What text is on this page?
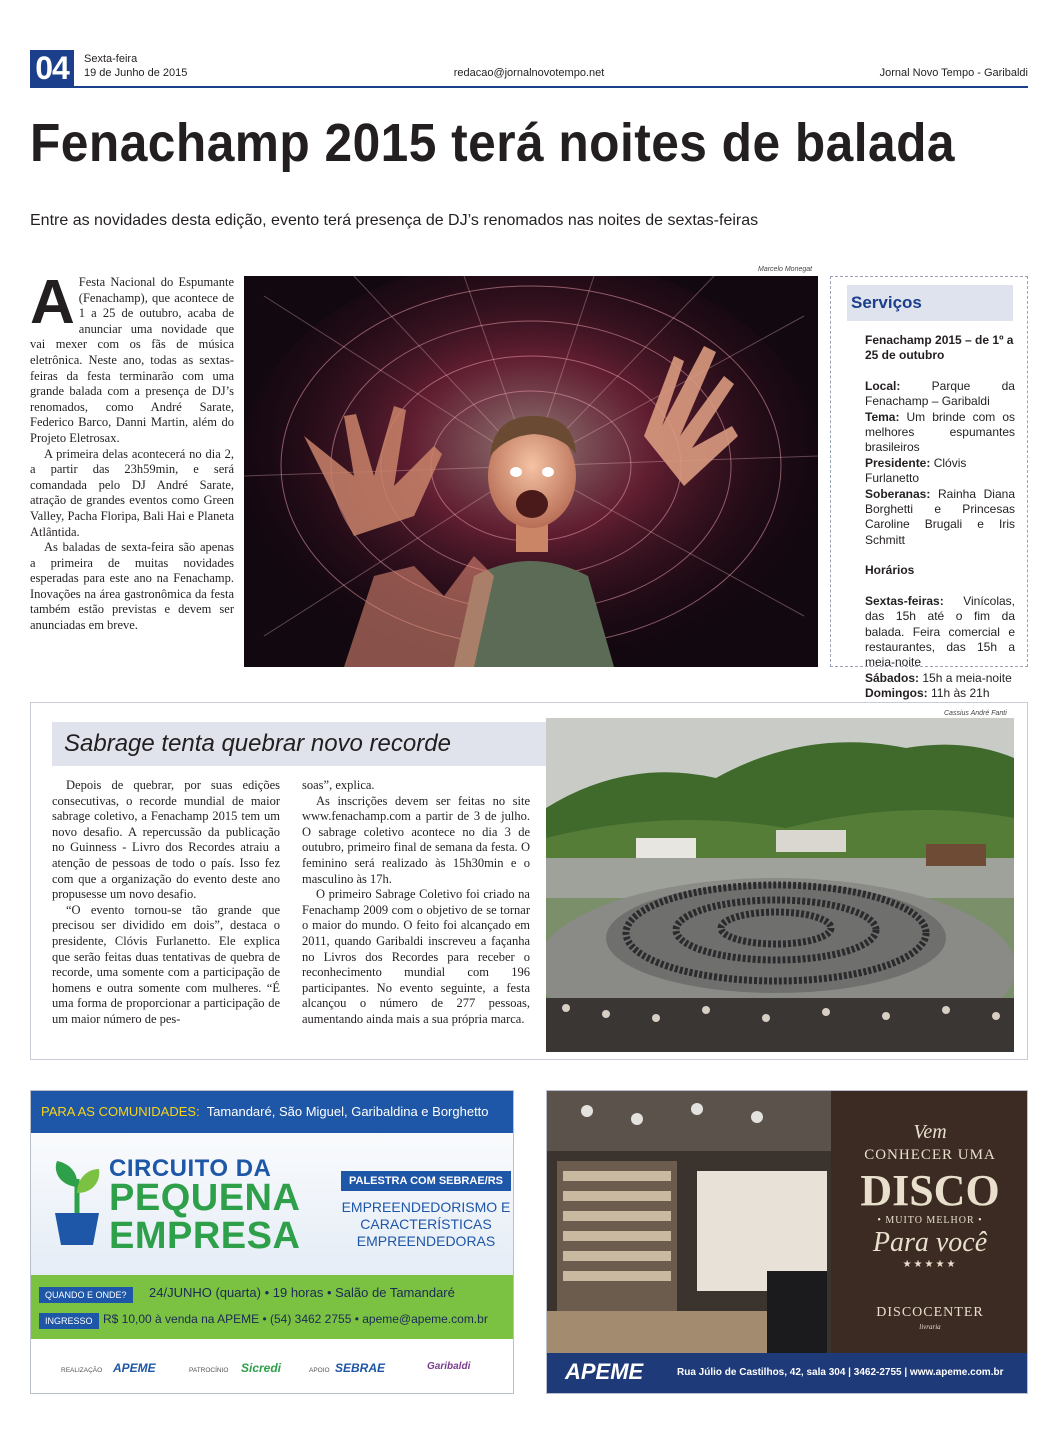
04	Sexta-feira
19 de Junho de 2015	redacao@jornalnovotempo.net	Jornal Novo Tempo - Garibaldi
Fenachamp 2015 terá noites de balada
Entre as novidades desta edição, evento terá presença de DJ’s renomados nas noites de sextas-feiras

A Festa Nacional do Espumante (Fenachamp), que acontece de 1 a 25 de outubro, acaba de anunciar uma novidade que vai mexer com os fãs de música eletrônica. Neste ano, todas as sextas-feiras da festa terminarão com uma grande balada com a presença de DJ’s renomados, como André Sarate, Federico Barco, Danni Martin, além do Projeto Eletrosax.

A primeira delas acontecerá no dia 2, a partir das 23h59min, e será comandada pelo DJ André Sarate, atração de grandes eventos como Green Valley, Pacha Floripa, Bali Hai e Planeta Atlântida.

As baladas de sexta-feira são apenas a primeira de muitas novidades esperadas para este ano na Fenachamp. Inovações na área gastronômica da festa também estão previstas e devem ser anunciadas em breve.

Marcelo Monegat
Serviços
Fenachamp 2015 – de 1º a 25 de outubro
Local:	Parque da Fenachamp – Garibaldi
Tema: Um brinde com os melhores espumantes brasileiros
Presidente: Clóvis Furlanetto
Soberanas: Rainha Diana Borghetti e Princesas Caroline Brugali e Iris Schmitt
Horários
Sextas-feiras: Vinícolas, das 15h até o fim da balada. Feira comercial e restaurantes, das 15h a meia-noite
Sábados: 15h a meia-noite
Domingos: 11h às 21h
Sabrage tenta quebrar novo recorde

Depois de quebrar, por suas edições consecutivas, o recorde mundial de maior sabrage coletivo, a Fenachamp 2015 tem um novo desafio. A repercussão da publicação no Guinness - Livro dos Recordes atraiu a atenção de pessoas de todo o país. Isso fez com que a organização do evento deste ano propusesse um novo desafio.

“O evento tornou-se tão grande que precisou ser dividido em dois”, destaca o presidente, Clóvis Furlanetto. Ele explica que serão feitas duas tentativas de quebra de recorde, uma somente com a participação de homens e outra somente com mulheres. “É uma forma de proporcionar a participação de um maior número de pes-

soas”, explica.

As inscrições devem ser feitas no site www.fenachamp.com a partir de 3 de julho. O sabrage coletivo acontece no dia 3 de outubro, primeiro final de semana da festa. O feminino será realizado às 15h30min e o masculino às 17h.

O primeiro Sabrage Coletivo foi criado na Fenachamp 2009 com o objetivo de se tornar o maior do mundo. O feito foi alcançado em 2011, quando Garibaldi inscreveu a façanha no Livros dos Recordes para receber o reconhecimento mundial com 196 participantes. No evento seguinte, a festa alcançou o número de 277 pessoas, aumentando ainda mais a sua própria marca.

Cassius André Fanti
PARA AS COMUNIDADES: Tamandaré, São Miguel, Garibaldina e Borghetto
CIRCUITO DA
PEQUENA
EMPRESA
PALESTRA COM SEBRAE/RS
EMPREENDEDORISMO E CARACTERÍSTICAS EMPREENDEDORAS
QUANDO E ONDE?	24/JUNHO (quarta) • 19 horas • Salão de Tamandaré
INGRESSO R$ 10,00 à venda na APEME • (54) 3462 2755 • apeme@apeme.com.br
REALIZAÇÃO APEME	PATROCÍNIO Sicredi	APOIO SEBRAE	Garibaldi
Vem
CONHECER UMA
DISCO
• MUITO MELHOR •
Para você
★★★★★
DISCOCENTER
livraria
APEME	Rua Júlio de Castilhos, 42, sala 304 | 3462-2755 | www.apeme.com.br
